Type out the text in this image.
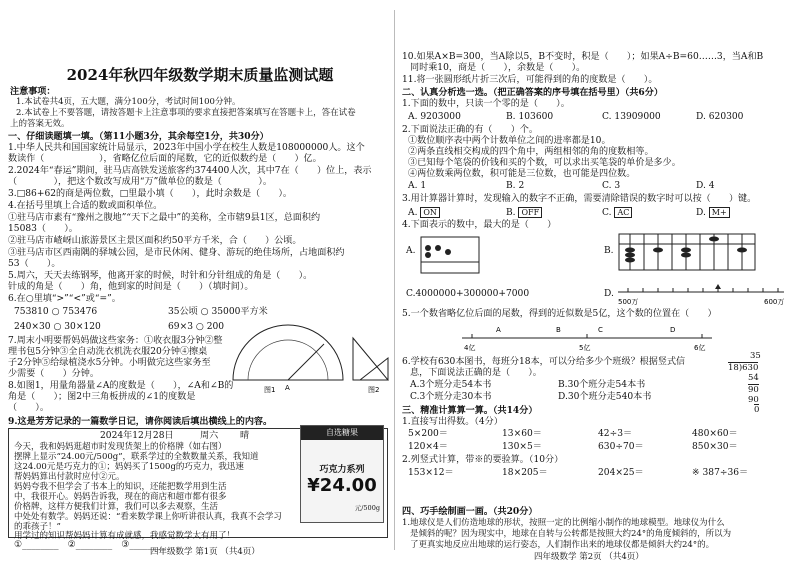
2024年秋四年级数学期末质量监测试题
注意事项：
1.本试卷共4页，五大题，满分100分，考试时间100分钟。
2.本试卷上不要答题，请按答题卡上注意事项的要求直接把答案填写在答题卡上，答在试卷
上的答案无效。
一、仔细读题填一填。（第11小题3分，其余每空1分，共30分）
1.中华人民共和国国家统计局显示，2023年中国小学在校生人数是108000000人。这个
数读作（　　　　　　），省略亿位后面的尾数，它的近似数约是（　　）亿。
2.2024年“春运”期间，驻马店高铁发送旅客约374400人次，其中7在（　　）位上，表示
（　　　　），把这个数改写成用“万”做单位的数是（　　　　）。
3.□86+62的商是两位数，□里最小填（　　），此时余数是（　　）。
4.在括号里填上合适的数或面积单位。
①驻马店市素有“豫州之腹地”“天下之最中”的美称，全市辖9县1区，总面积约
15083（　　）。
②驻马店市嵖岈山旅游景区主景区面积约50平方千米，合（　　）公顷。
③驻马店市区西南隅的驿城公园，是市民休闲、健身、游玩的绝佳场所，占地面积约
53（　　）。
5.周六，天天去练钢琴，他离开家的时候，时针和分针组成的角是（　　）。
针成的角是（　　）角，他到家的时间是（　　）（填时间）。
6.在○里填“>”“<”或“=”。
753810 ○ 753476	35公顷 ○ 35000平方米
240×30 ○ 30×120	69×3 ○ 200
7.周末小明要帮妈妈做这些家务：①收衣服3分钟②整
理书包5分钟③全自动洗衣机洗衣服20分钟④擦桌
子2分钟⑤给绿植浇水5分钟。小明做完这些家务至
少需要（　　）分钟。
8.如图1，用量角器量∠A的度数是（　　），∠A和∠B的
角是（　　）；图2中三角板拼成的∠1的度数是
（　　）。
A
图1	图2
9.这是芳芳记录的一篇数学日记，请你阅读后填出横线上的内容。
2024年12月28日	周六 晴
今天，我和妈妈逛超市时发现货架上的价格牌（如右图）
摆牌上显示“24.00元/500g”，联系学过的全数数量关系，我知道
这24.00元是巧克力的①；妈妈买了1500g的巧克力，我迅速
帮妈妈算出付款时应付②元。
妈妈夸我不但学会了书本上的知识，还能把数学用到生活
中，我很开心。妈妈告诉我，现在的商店和超市都有很多
价格牌，这样方便我们计算，我们可以多去观察，生活
中处处有数学。妈妈还说：“看来数学课上你听讲很认真，我真不会学习
的乖孩子！”
用学过的知识帮妈妈计算有成就感，我感觉数学太有用了！
①________　②________　③________
自选糖果
巧克力系列
¥24.00
元/500g
四年级数学 第1页 （共4页）
10.如果A×B=300，当A除以5，B不变时，积是（　　）；如果A÷B=60……3，当A和B
同时乘10，商是（　　），余数是（　　）。
11.将一张圆形纸片折三次后，可能得到的角的度数是（　　）。
二、认真分析选一选。（把正确答案的序号填在括号里）（共6分）
1.下面的数中，只读一个零的是（　　）。
A. 9203000	B. 103600	C. 13909000	D. 620300
2.下面说法正确的有（　　）个。
①数位顺序表中两个计数单位之间的进率都是10。
②两条直线相交构成的四个角中，两组相邻的角的度数相等。
③已知每个笔袋的价钱和买的个数，可以求出买笔袋的单价是多少。
④两位数乘两位数，积可能是三位数，也可能是四位数。
A. 1	B. 2	C. 3	D. 4
3.用计算器计算时，发现输入的数字不正确，需要清除错误的数字时可以按（　　）键。
A. ON	B. OFF	C. AC	D. M+
4.下面表示的数中，最大的是（　　）
A.	B.
C.4000000+300000+7000	D.
500万	600万
5.一个数省略亿位后面的尾数，得到的近似数是5亿，这个数的位置在（　　）
A	B	C	D
4亿	5亿	6亿
6.学校有630本图书，每班分18本，可以分给多少个班级？根据竖式信
息，下面说法正确的是（　　）。
A.3个班分走54本书	B.30个班分走54本书
C.3个班分走30本书	D.30个班分走540本书
35
18)630
54
90
90
0
三、精准计算算一算。（共14分）
1.直接写出得数。（4分）
5×200＝	13×60＝	42÷3＝	480×60＝
120×4＝	130×5＝	630÷70＝	850×30＝
2.列竖式计算，带※的要验算。（10分）
153×12＝	18×205＝	204×25＝	※ 387÷36＝
四、巧手绘制画一画。（共20分）
1.地球仪是人们仿造地球的形状，按照一定的比例缩小制作的地球模型。地球仪为什么
是倾斜的呢？因为现实中，地球在自转与公转都是按照大约24°的角度倾斜的，所以为
了更真实地反应出地球的运行姿态，人们制作出来的地球仪都是倾斜大约24°的。
四年级数学 第2页 （共4页）
